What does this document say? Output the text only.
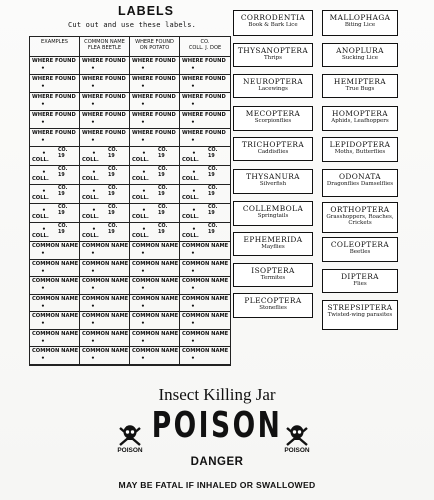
LABELS
Cut out and use these labels.
EXAMPLES	COMMON NAME
FLEA BEETLE
WHERE FOUND
ON POTATO
CO.
COLL. J. DOE
WHERE FOUND
•
WHERE FOUND
•
WHERE FOUND
•
WHERE FOUND
•
WHERE FOUND
•
WHERE FOUND
•
WHERE FOUND
•
WHERE FOUND
•
WHERE FOUND
•
WHERE FOUND
•
WHERE FOUND
•
WHERE FOUND
•
WHERE FOUND
•
WHERE FOUND
•
WHERE FOUND
•
WHERE FOUND
•
WHERE FOUND
•
WHERE FOUND
•
WHERE FOUND
•
WHERE FOUND
•
CO.
19
•
COLL.
CO.
19
•
COLL.
CO.
19
•
COLL.
CO.
19
•
COLL.
CO.
19
•
COLL.
CO.
19
•
COLL.
CO.
19
•
COLL.
CO.
19
•
COLL.
CO.
19
•
COLL.
CO.
19
•
COLL.
CO.
19
•
COLL.
CO.
19
•
COLL.
CO.
19
•
COLL.
CO.
19
•
COLL.
CO.
19
•
COLL.
CO.
19
•
COLL.
CO.
19
•
COLL.
CO.
19
•
COLL.
CO.
19
•
COLL.
CO.
19
•
COLL.
COMMON NAME
•
COMMON NAME
•
COMMON NAME
•
COMMON NAME
•
COMMON NAME
•
COMMON NAME
•
COMMON NAME
•
COMMON NAME
•
COMMON NAME
•
COMMON NAME
•
COMMON NAME
•
COMMON NAME
•
COMMON NAME
•
COMMON NAME
•
COMMON NAME
•
COMMON NAME
•
COMMON NAME
•
COMMON NAME
•
COMMON NAME
•
COMMON NAME
•
COMMON NAME
•
COMMON NAME
•
COMMON NAME
•
COMMON NAME
•
COMMON NAME
•
COMMON NAME
•
COMMON NAME
•
COMMON NAME
•
CORRODENTIA
Book & Bark Lice
THYSANOPTERA
Thrips
NEUROPTERA
Lacewings
MECOPTERA
Scorpionflies
TRICHOPTERA
Caddisflies
THYSANURA
Silverfish
COLLEMBOLA
Springtails
EPHEMERIDA
Mayflies
ISOPTERA
Termites
PLECOPTERA
Stoneflies
MALLOPHAGA
Biting Lice
ANOPLURA
Sucking Lice
HEMIPTERA
True Bugs
HOMOPTERA
Aphids, Leafhoppers
LEPIDOPTERA
Moths, Butterflies
ODONATA
Dragonflies Damselflies
ORTHOPTERA
Grasshoppers, Roaches, Crickets
COLEOPTERA
Beetles
DIPTERA
Flies
STREPSIPTERA
Twisted-wing parasites
Insect Killing Jar
POISON
POISON	POISON
DANGER
MAY BE FATAL IF INHALED OR SWALLOWED
